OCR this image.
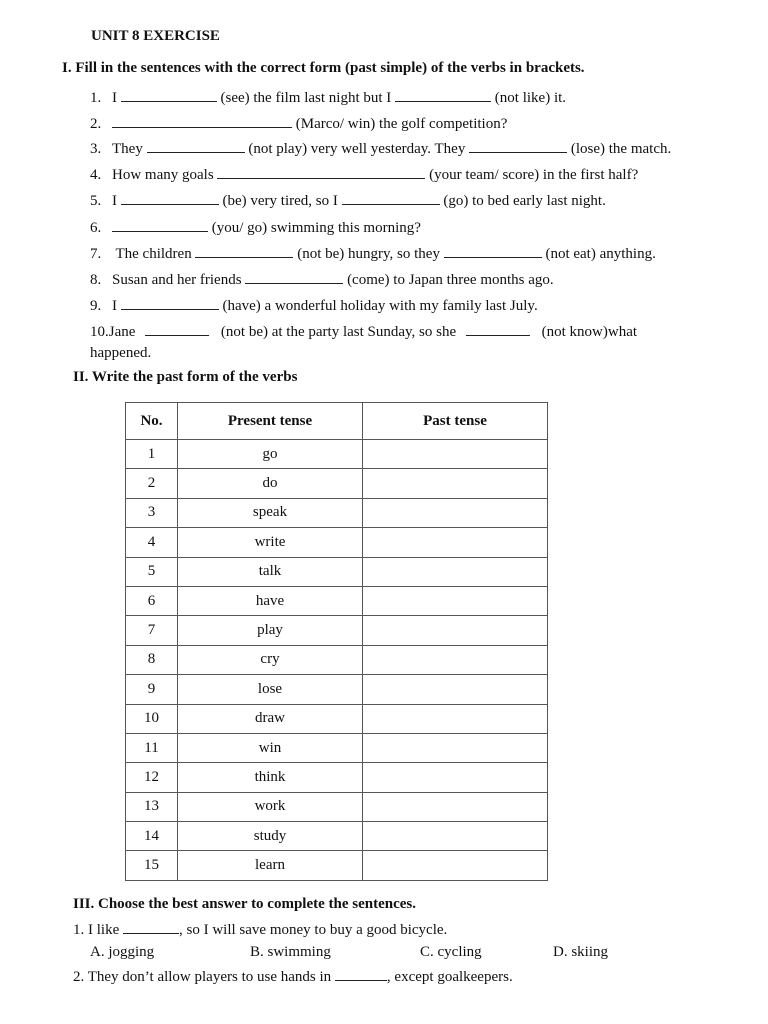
UNIT 8 EXERCISE
I. Fill in the sentences with the correct form (past simple) of the verbs in brackets.
1. I	(see) the film last night but I	(not like) it.
2.	(Marco/ win) the golf competition?
3. They	(not play) very well yesterday. They	(lose) the match.
4. How many goals	(your team/ score) in the first half?
5. I	(be) very tired, so I	(go) to bed early last night.
6.	(you/ go) swimming this morning?
7. The children	(not be) hungry, so they	(not eat) anything.
8. Susan and her friends	(come) to Japan three months ago.
9. I	(have) a wonderful holiday with my family last July.
10.Jane	(not be) at the party last Sunday, so she	(not know)what
happened.
II. Write the past form of the verbs
No.	Present tense	Past tense
1	go	
2	do	
3	speak	
4	write	
5	talk	
6	have	
7	play	
8	cry	
9	lose	
10	draw	
11	win	
12	think	
13	work	
14	study	
15	learn	
III. Choose the best answer to complete the sentences.
1. I like	, so I will save money to buy a good bicycle.
A. jogging	B. swimming	C. cycling	D. skiing
2. They don’t allow players to use hands in	, except goalkeepers.
